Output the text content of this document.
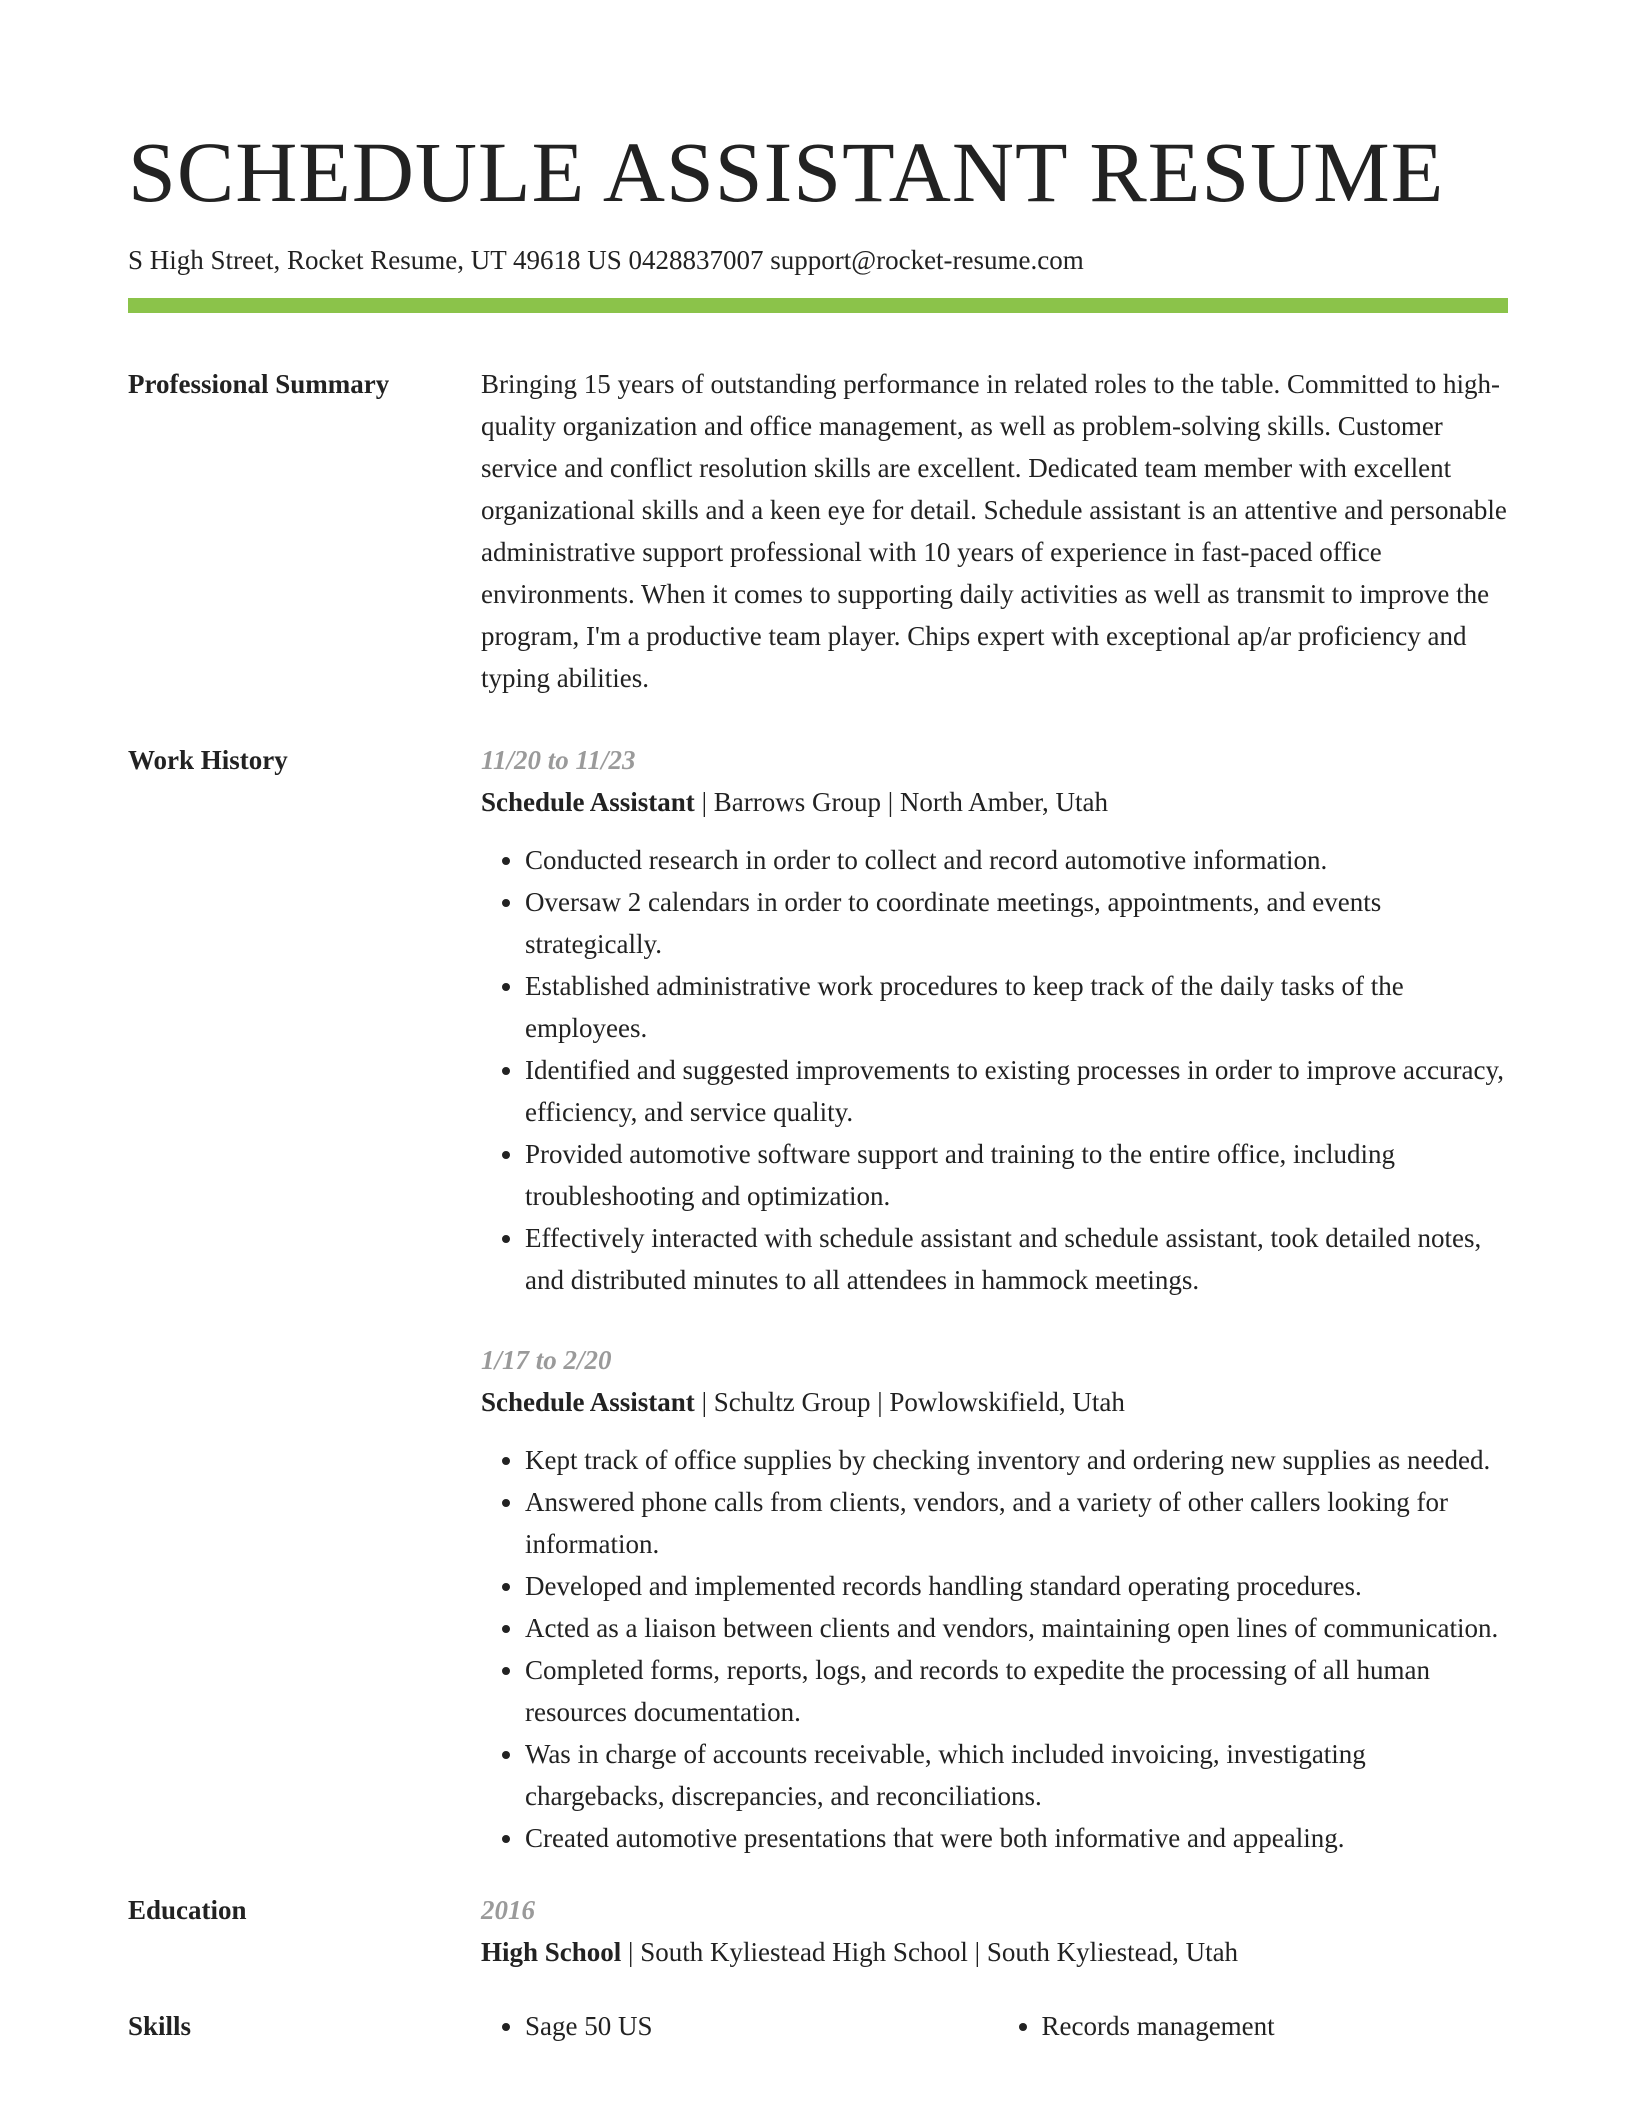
SCHEDULE ASSISTANT RESUME
S High Street, Rocket Resume, UT 49618 US 0428837007 support@rocket-resume.com
Professional Summary	Bringing 15 years of outstanding performance in related roles to the table. Committed to high-quality organization and office management, as well as problem-solving skills. Customer service and conflict resolution skills are excellent. Dedicated team member with excellent organizational skills and a keen eye for detail. Schedule assistant is an attentive and personable administrative support professional with 10 years of experience in fast-paced office environments. When it comes to supporting daily activities as well as transmit to improve the program, I'm a productive team player. Chips expert with exceptional ap/ar proficiency and typing abilities.

Work History	11/20 to 11/23
Schedule Assistant | Barrows Group | North Amber, Utah
• Conducted research in order to collect and record automotive information.
• Oversaw 2 calendars in order to coordinate meetings, appointments, and events strategically.
• Established administrative work procedures to keep track of the daily tasks of the employees.
• Identified and suggested improvements to existing processes in order to improve accuracy, efficiency, and service quality.
• Provided automotive software support and training to the entire office, including troubleshooting and optimization.
• Effectively interacted with schedule assistant and schedule assistant, took detailed notes, and distributed minutes to all attendees in hammock meetings.
1/17 to 2/20
Schedule Assistant | Schultz Group | Powlowskifield, Utah
• Kept track of office supplies by checking inventory and ordering new supplies as needed.
• Answered phone calls from clients, vendors, and a variety of other callers looking for information.
• Developed and implemented records handling standard operating procedures.
• Acted as a liaison between clients and vendors, maintaining open lines of communication.
• Completed forms, reports, logs, and records to expedite the processing of all human resources documentation.
• Was in charge of accounts receivable, which included invoicing, investigating chargebacks, discrepancies, and reconciliations.
• Created automotive presentations that were both informative and appealing.
Education	2016
High School | South Kyliestead High School | South Kyliestead, Utah
Skills	• Sage 50 US	• Records management
